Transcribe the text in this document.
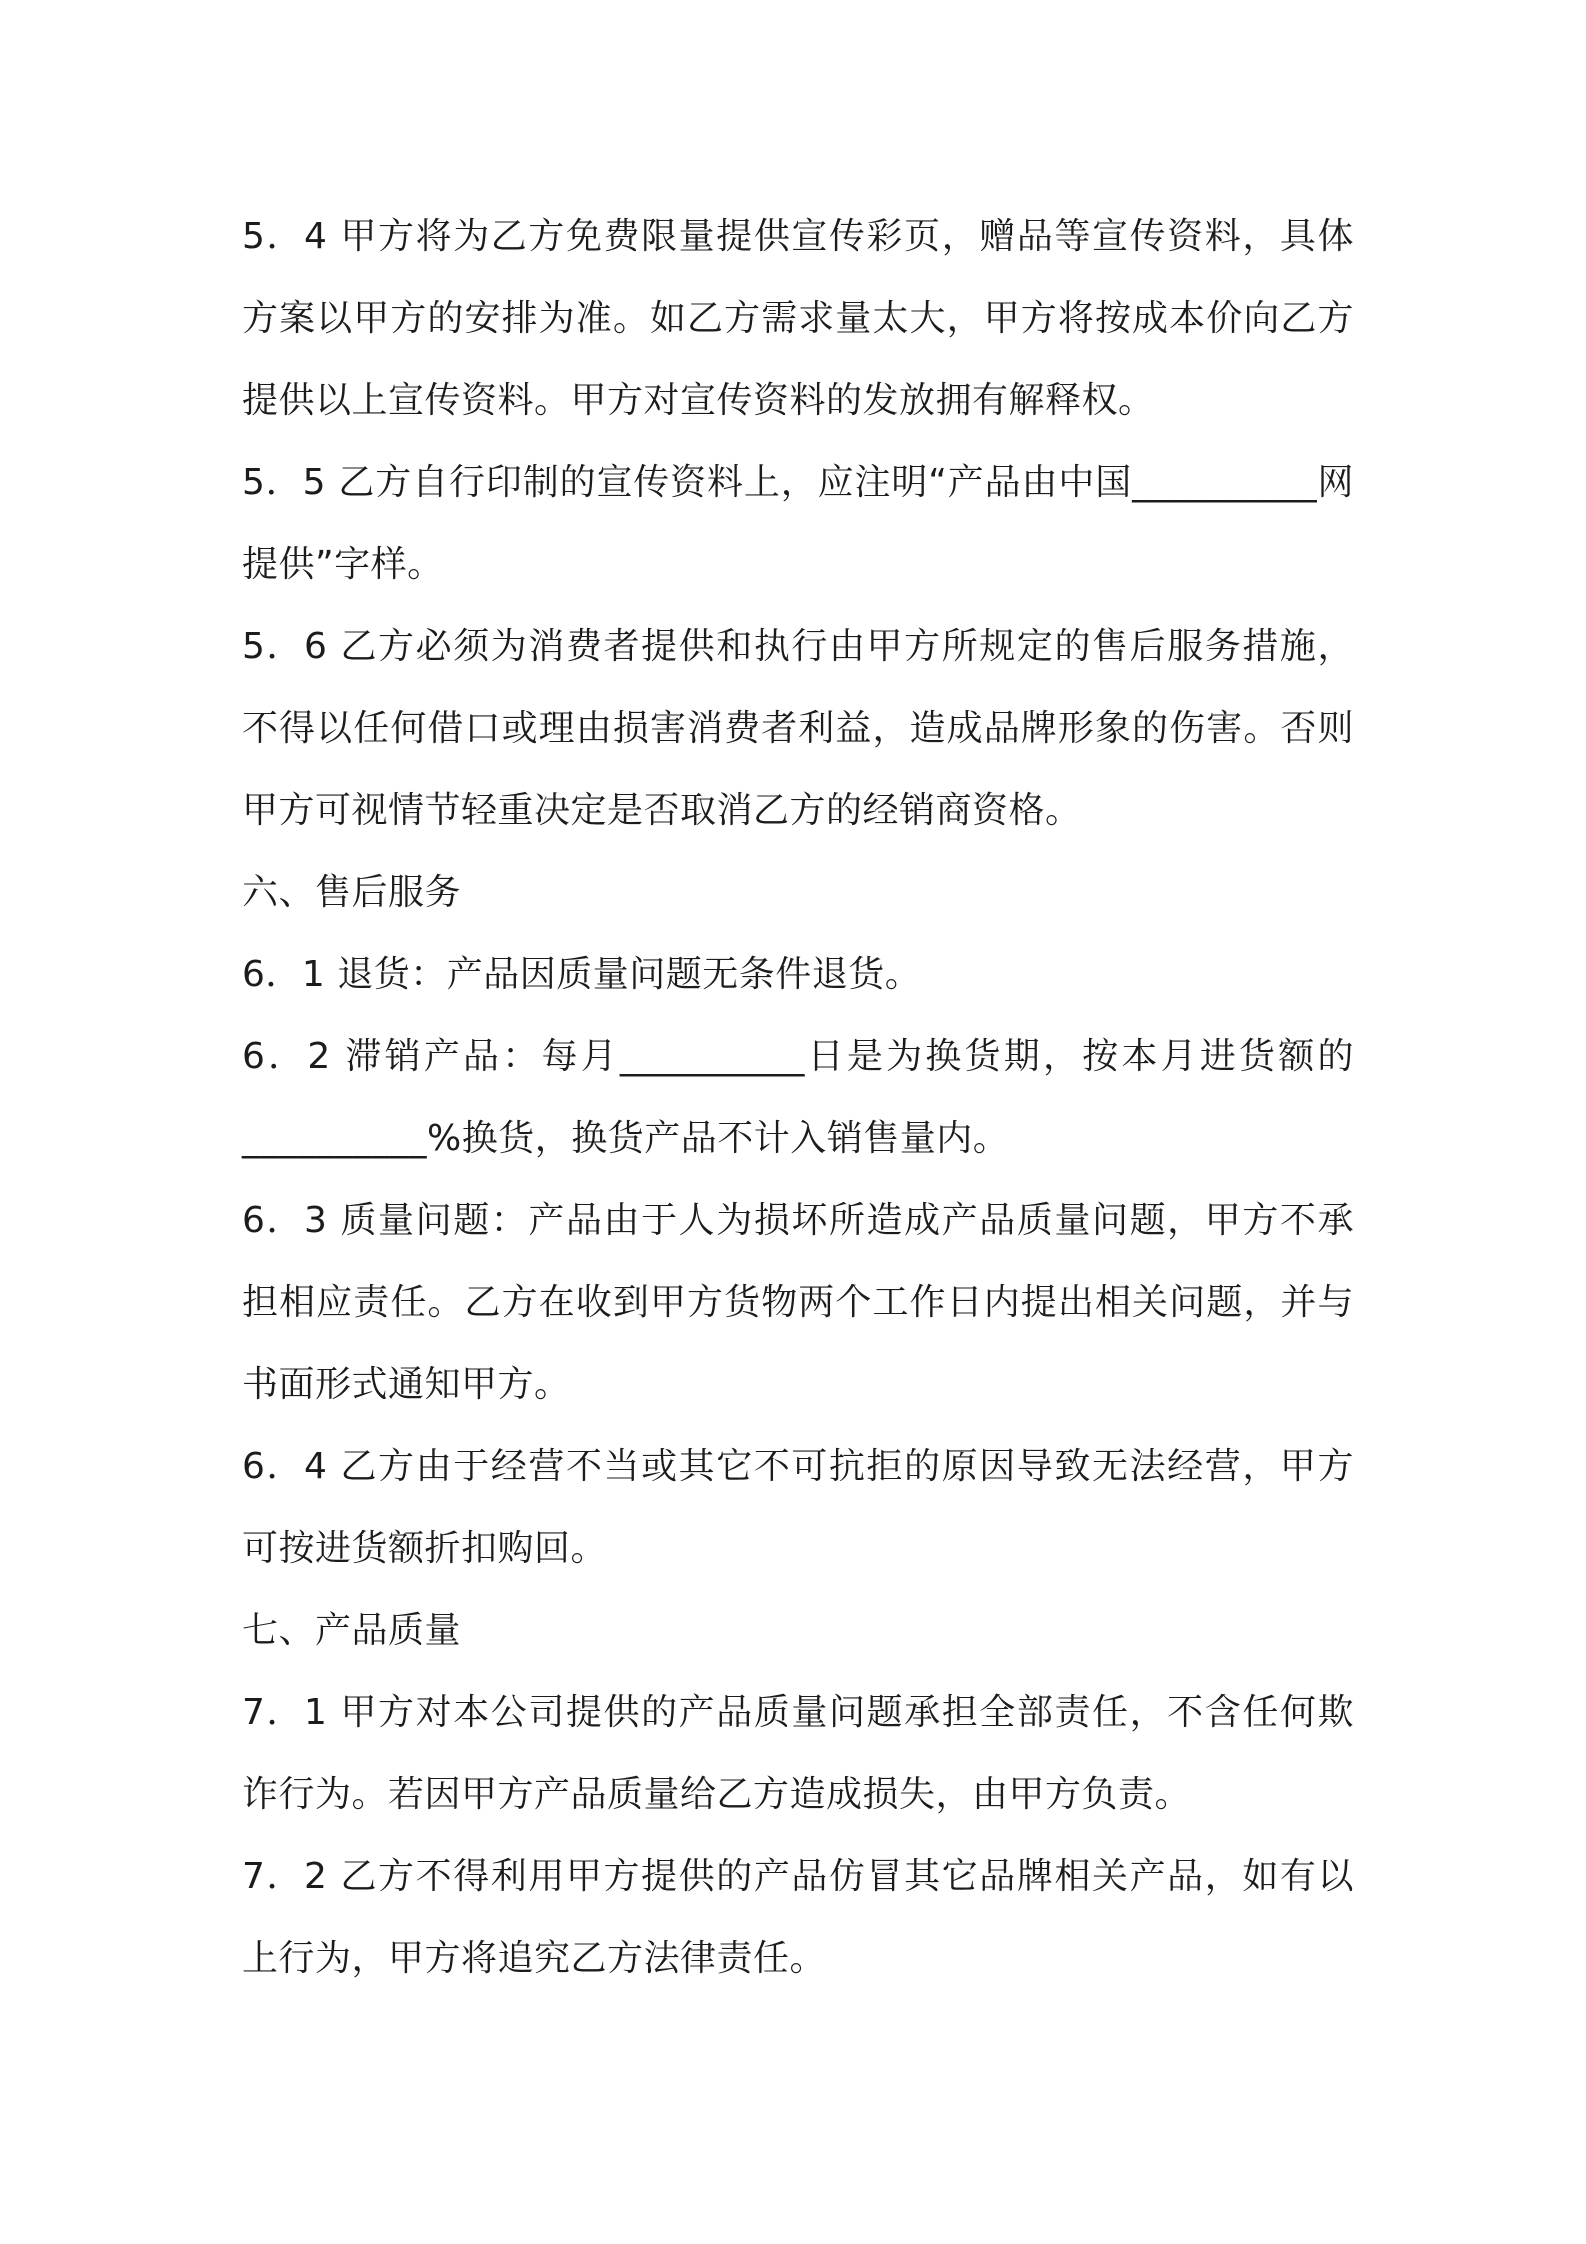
5．4 甲方将为乙方免费限量提供宣传彩页，赠品等宣传资料，具体方案以甲方的安排为准。如乙方需求量太大，甲方将按成本价向乙方提供以上宣传资料。甲方对宣传资料的发放拥有解释权。

5．5 乙方自行印制的宣传资料上，应注明“产品由中国__________网提供”字样。

5．6 乙方必须为消费者提供和执行由甲方所规定的售后服务措施，不得以任何借口或理由损害消费者利益，造成品牌形象的伤害。否则甲方可视情节轻重决定是否取消乙方的经销商资格。

六、售后服务

6．1 退货：产品因质量问题无条件退货。

6．2 滞销产品：每月__________日是为换货期，按本月进货额的__________%换货，换货产品不计入销售量内。

6．3 质量问题：产品由于人为损坏所造成产品质量问题，甲方不承担相应责任。乙方在收到甲方货物两个工作日内提出相关问题，并与书面形式通知甲方。

6．4 乙方由于经营不当或其它不可抗拒的原因导致无法经营，甲方可按进货额折扣购回。

七、产品质量

7．1 甲方对本公司提供的产品质量问题承担全部责任，不含任何欺诈行为。若因甲方产品质量给乙方造成损失，由甲方负责。

7．2 乙方不得利用甲方提供的产品仿冒其它品牌相关产品，如有以上行为，甲方将追究乙方法律责任。
